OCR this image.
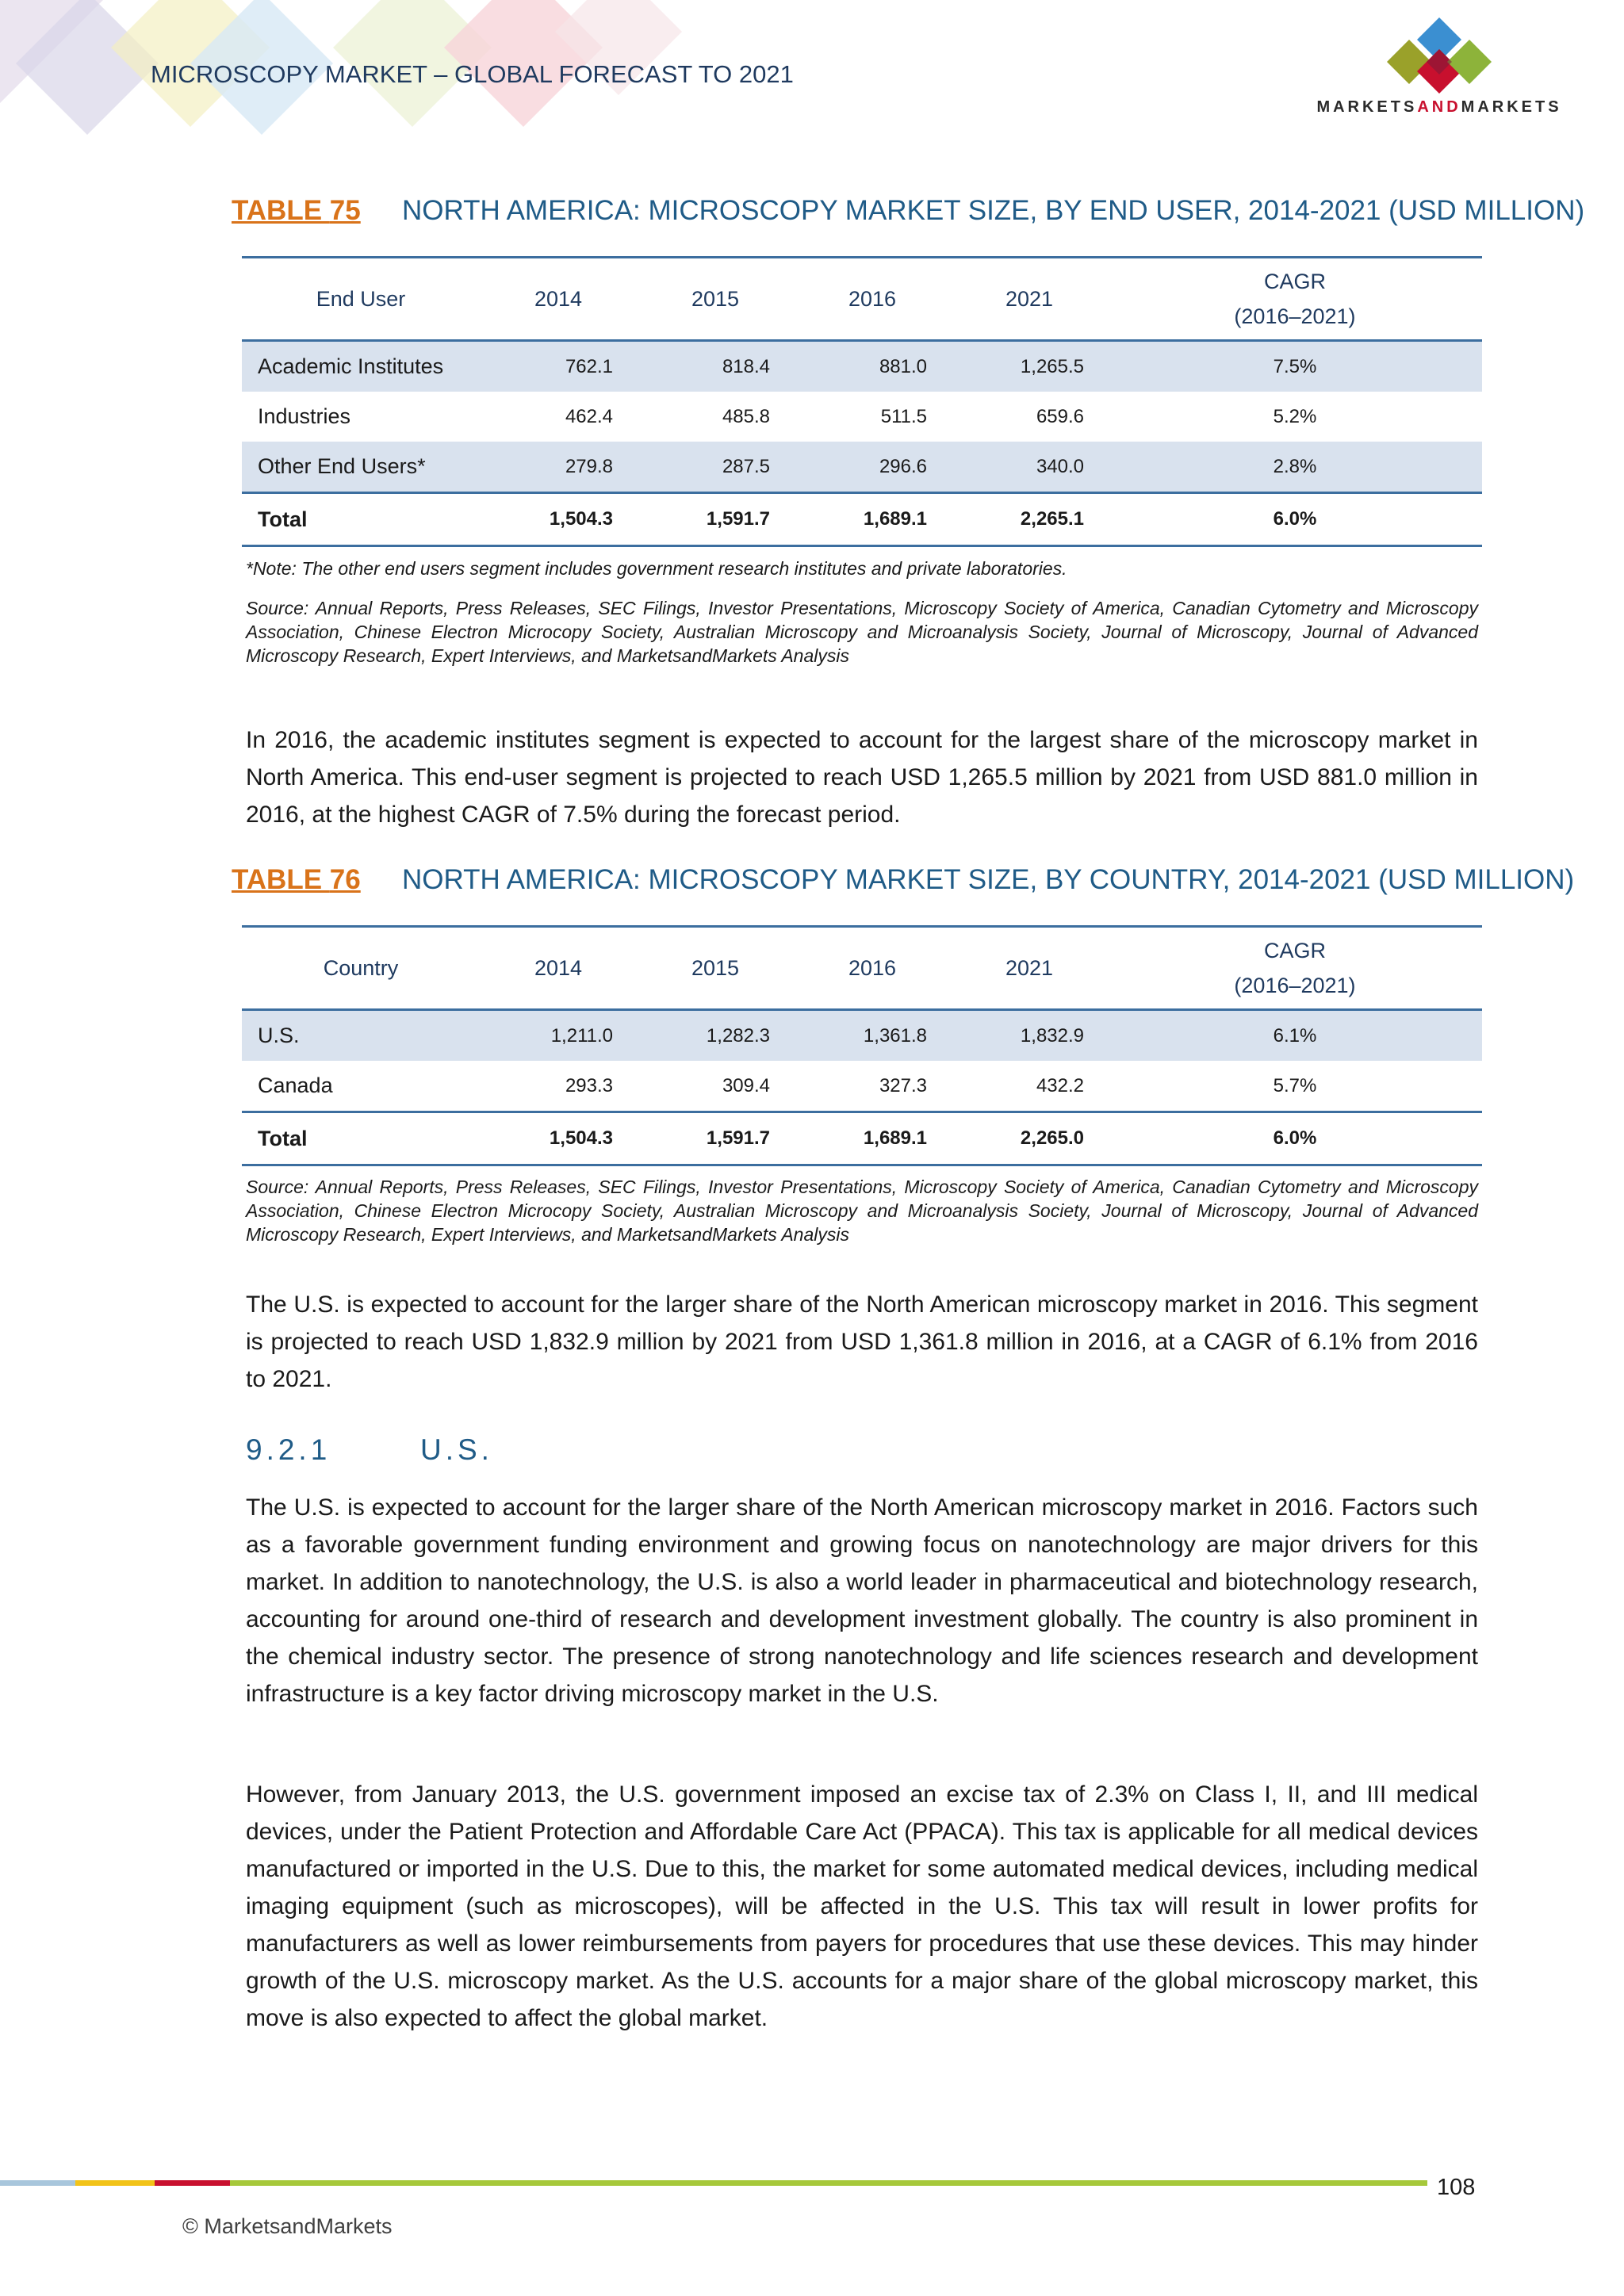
MICROSCOPY MARKET – GLOBAL FORECAST TO 2021
MARKETSANDMARKETS
TABLE 75	NORTH AMERICA: MICROSCOPY MARKET SIZE, BY END USER, 2014-2021 (USD MILLION)
End User	2014	2015	2016	2021	CAGR
(2016–2021)
Academic Institutes	762.1	818.4	881.0	1,265.5	7.5%
Industries	462.4	485.8	511.5	659.6	5.2%
Other End Users*	279.8	287.5	296.6	340.0	2.8%
Total	1,504.3	1,591.7	1,689.1	2,265.1	6.0%
*Note: The other end users segment includes government research institutes and private laboratories.
Source: Annual Reports, Press Releases, SEC Filings, Investor Presentations, Microscopy Society of America, Canadian Cytometry and Microscopy Association, Chinese Electron Microcopy Society, Australian Microscopy and Microanalysis Society, Journal of Microscopy, Journal of Advanced Microscopy Research, Expert Interviews, and MarketsandMarkets Analysis
In 2016, the academic institutes segment is expected to account for the largest share of the microscopy market in North America. This end-user segment is projected to reach USD 1,265.5 million by 2021 from USD 881.0 million in 2016, at the highest CAGR of 7.5% during the forecast period.
TABLE 76	NORTH AMERICA: MICROSCOPY MARKET SIZE, BY COUNTRY, 2014-2021 (USD MILLION)
Country	2014	2015	2016	2021	CAGR
(2016–2021)
U.S.	1,211.0	1,282.3	1,361.8	1,832.9	6.1%
Canada	293.3	309.4	327.3	432.2	5.7%
Total	1,504.3	1,591.7	1,689.1	2,265.0	6.0%
Source: Annual Reports, Press Releases, SEC Filings, Investor Presentations, Microscopy Society of America, Canadian Cytometry and Microscopy Association, Chinese Electron Microcopy Society, Australian Microscopy and Microanalysis Society, Journal of Microscopy, Journal of Advanced Microscopy Research, Expert Interviews, and MarketsandMarkets Analysis
The U.S. is expected to account for the larger share of the North American microscopy market in 2016. This segment is projected to reach USD 1,832.9 million by 2021 from USD 1,361.8 million in 2016, at a CAGR of 6.1% from 2016 to 2021.
9.2.1	U.S.
The U.S. is expected to account for the larger share of the North American microscopy market in 2016. Factors such as a favorable government funding environment and growing focus on nanotechnology are major drivers for this market. In addition to nanotechnology, the U.S. is also a world leader in pharmaceutical and biotechnology research, accounting for around one-third of research and development investment globally. The country is also prominent in the chemical industry sector. The presence of strong nanotechnology and life sciences research and development infrastructure is a key factor driving microscopy market in the U.S.
However, from January 2013, the U.S. government imposed an excise tax of 2.3% on Class I, II, and III medical devices, under the Patient Protection and Affordable Care Act (PPACA). This tax is applicable for all medical devices manufactured or imported in the U.S. Due to this, the market for some automated medical devices, including medical imaging equipment (such as microscopes), will be affected in the U.S. This tax will result in lower profits for manufacturers as well as lower reimbursements from payers for procedures that use these devices. This may hinder growth of the U.S. microscopy market. As the U.S. accounts for a major share of the global microscopy market, this move is also expected to affect the global market.
108
© MarketsandMarkets
